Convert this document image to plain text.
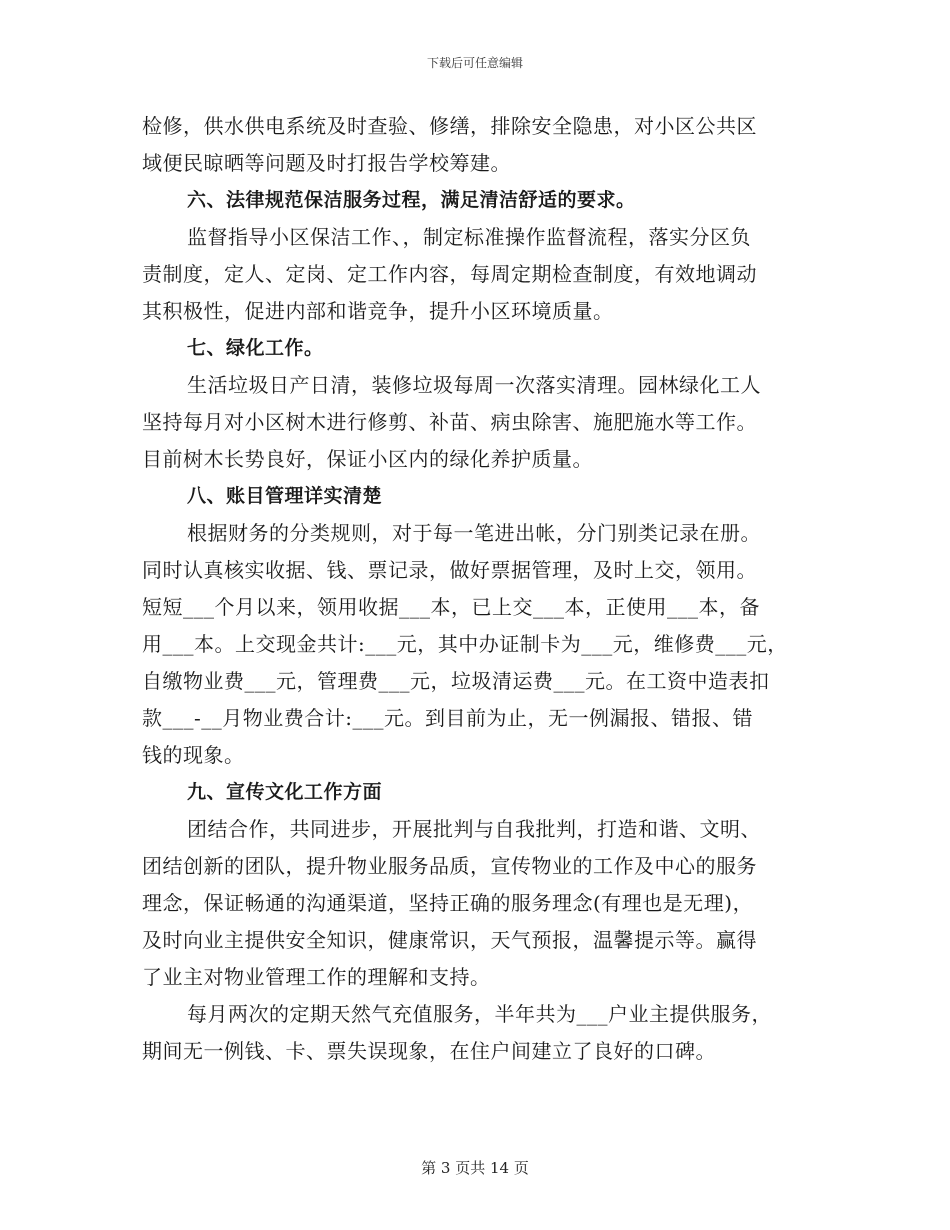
下载后可任意编辑
检修，供水供电系统及时查验、修缮，排除安全隐患，对小区公共区
域便民晾晒等问题及时打报告学校筹建。
六、法律规范保洁服务过程，满足清洁舒适的要求。
监督指导小区保洁工作、，制定标准操作监督流程，落实分区负
责制度，定人、定岗、定工作内容，每周定期检查制度，有效地调动
其积极性，促进内部和谐竞争，提升小区环境质量。
七、绿化工作。
生活垃圾日产日清，装修垃圾每周一次落实清理。园林绿化工人
坚持每月对小区树木进行修剪、补苗、病虫除害、施肥施水等工作。
目前树木长势良好，保证小区内的绿化养护质量。
八、账目管理详实清楚
根据财务的分类规则，对于每一笔进出帐，分门别类记录在册。
同时认真核实收据、钱、票记录，做好票据管理，及时上交，领用。
短短___个月以来，领用收据___本，已上交___本，正使用___本，备
用___本。上交现金共计:___元，其中办证制卡为___元，维修费___元，
自缴物业费___元，管理费___元，垃圾清运费___元。在工资中造表扣
款___-__月物业费合计:___元。到目前为止，无一例漏报、错报、错
钱的现象。
九、宣传文化工作方面
团结合作，共同进步，开展批判与自我批判，打造和谐、文明、
团结创新的团队，提升物业服务品质，宣传物业的工作及中心的服务
理念，保证畅通的沟通渠道，坚持正确的服务理念(有理也是无理)，
及时向业主提供安全知识，健康常识，天气预报，温馨提示等。赢得
了业主对物业管理工作的理解和支持。
每月两次的定期天然气充值服务，半年共为___户业主提供服务，
期间无一例钱、卡、票失误现象，在住户间建立了良好的口碑。
第 3 页共 14 页
